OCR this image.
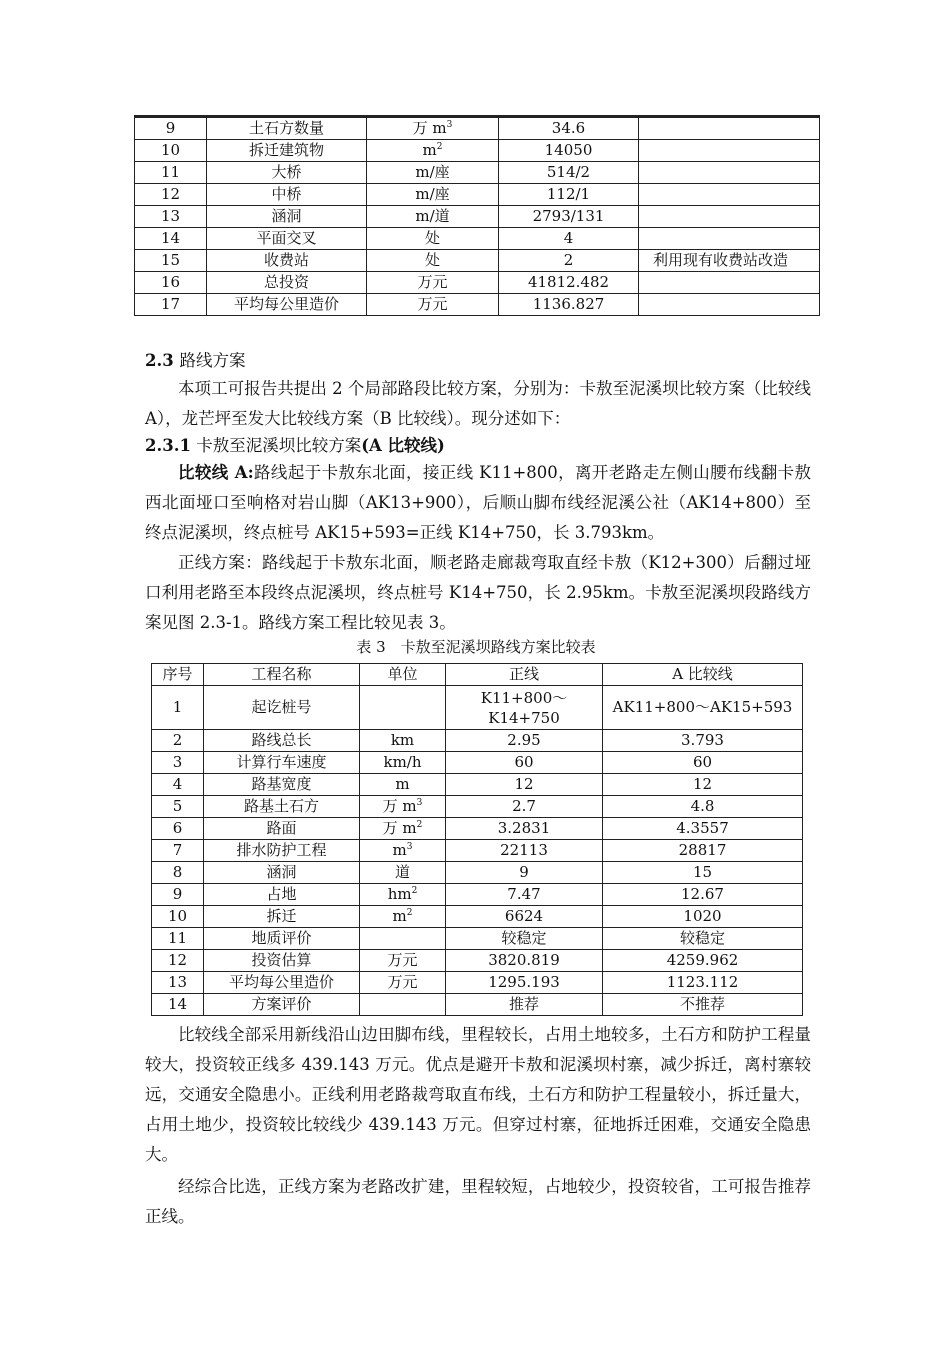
9	土石方数量	万 $m^3$	34.6	
10	拆迁建筑物	$m^2$	14050	
11	大桥	m/座	514/2	
12	中桥	m/座	112/1	
13	涵洞	m/道	2793/131	
14	平面交叉	处	4	
15	收费站	处	2	利用现有收费站改造
16	总投资	万元	41812.482	
17	平均每公里造价	万元	1136.827	
2.3 路线方案
本项工可报告共提出 2 个局部路段比较方案，分别为：卡敖至泥溪坝比较方案（比较线 A），龙芒坪至发大比较线方案（B 比较线）。现分述如下：
2.3.1 卡敖至泥溪坝比较方案(A 比较线)
比较线 A:路线起于卡敖东北面，接正线 K11+800，离开老路走左侧山腰布线翻卡敖西北面垭口至响格对岩山脚（AK13+900），后顺山脚布线经泥溪公社（AK14+800）至终点泥溪坝，终点桩号 AK15+593=正线 K14+750，长 3.793km。
正线方案：路线起于卡敖东北面，顺老路走廊裁弯取直经卡敖（K12+300）后翻过垭口利用老路至本段终点泥溪坝，终点桩号 K14+750，长 2.95km。卡敖至泥溪坝段路线方案见图 2.3-1。路线方案工程比较见表 3。
表 3　卡敖至泥溪坝路线方案比较表
序号	工程名称	单位	正线	A 比较线
1	起讫桩号		K11+800～
K14+750	AK11+800～AK15+593
2	路线总长	km	2.95	3.793
3	计算行车速度	km/h	60	60
4	路基宽度	m	12	12
5	路基土石方	万 $m^3$	2.7	4.8
6	路面	万 $m^2$	3.2831	4.3557
7	排水防护工程	$m^3$	22113	28817
8	涵洞	道	9	15
9	占地	$hm^2$	7.47	12.67
10	拆迁	$m^2$	6624	1020
11	地质评价		较稳定	较稳定
12	投资估算	万元	3820.819	4259.962
13	平均每公里造价	万元	1295.193	1123.112
14	方案评价		推荐	不推荐
比较线全部采用新线沿山边田脚布线，里程较长，占用土地较多，土石方和防护工程量较大，投资较正线多 439.143 万元。优点是避开卡敖和泥溪坝村寨，减少拆迁，离村寨较远，交通安全隐患小。正线利用老路裁弯取直布线，土石方和防护工程量较小，拆迁量大，占用土地少，投资较比较线少 439.143 万元。但穿过村寨，征地拆迁困难，交通安全隐患大。
经综合比选，正线方案为老路改扩建，里程较短，占地较少，投资较省，工可报告推荐正线。
